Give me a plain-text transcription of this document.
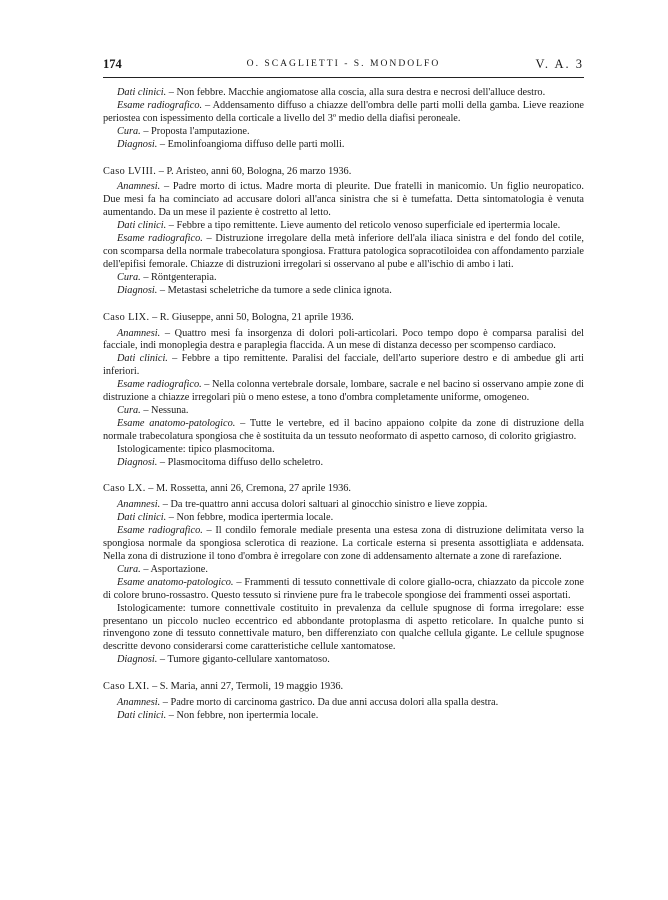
174	O. SCAGLIETTI - S. MONDOLFO	V. A. 3

Dati clinici. – Non febbre. Macchie angiomatose alla coscia, alla sura destra e necrosi dell'alluce destro.

Esame radiografico. – Addensamento diffuso a chiazze dell'ombra delle parti molli della gamba. Lieve reazione periostea con ispessimento della corticale a livello del 3º medio della diafisi peroneale.

Cura. – Proposta l'amputazione.

Diagnosi. – Emolinfoangioma diffuso delle parti molli.

Caso LVIII. – P. Aristeo, anni 60, Bologna, 26 marzo 1936.

Anamnesi. – Padre morto di ictus. Madre morta di pleurite. Due fratelli in manicomio. Un figlio neuropatico. Due mesi fa ha cominciato ad accusare dolori all'anca sinistra che si è tumefatta. Detta sintomatologia è venuta aumentando. Da un mese il paziente è costretto al letto.

Dati clinici. – Febbre a tipo remittente. Lieve aumento del reticolo venoso superficiale ed ipertermia locale.

Esame radiografico. – Distruzione irregolare della metà inferiore dell'ala iliaca sinistra e del fondo del cotile, con scomparsa della normale trabecolatura spongiosa. Frattura patologica sopracotiloidea con affondamento parziale dell'epifisi femorale. Chiazze di distruzioni irregolari si osservano al pube e all'ischio di ambo i lati.

Cura. – Röntgenterapia.

Diagnosi. – Metastasi scheletriche da tumore a sede clinica ignota.

Caso LIX. – R. Giuseppe, anni 50, Bologna, 21 aprile 1936.

Anamnesi. – Quattro mesi fa insorgenza di dolori poli-articolari. Poco tempo dopo è comparsa paralisi del facciale, indi monoplegia destra e paraplegia flaccida. A un mese di distanza decesso per scompenso cardiaco.

Dati clinici. – Febbre a tipo remittente. Paralisi del facciale, dell'arto superiore destro e di ambedue gli arti inferiori.

Esame radiografico. – Nella colonna vertebrale dorsale, lombare, sacrale e nel bacino si osservano ampie zone di distruzione a chiazze irregolari più o meno estese, a tono d'ombra completamente uniforme, omogeneo.

Cura. – Nessuna.

Esame anatomo-patologico. – Tutte le vertebre, ed il bacino appaiono colpite da zone di distruzione della normale trabecolatura spongiosa che è sostituita da un tessuto neoformato di aspetto carnoso, di colorito grigiastro.

Istologicamente: tipico plasmocitoma.

Diagnosi. – Plasmocitoma diffuso dello scheletro.

Caso LX. – M. Rossetta, anni 26, Cremona, 27 aprile 1936.

Anamnesi. – Da tre-quattro anni accusa dolori saltuari al ginocchio sinistro e lieve zoppia.

Dati clinici. – Non febbre, modica ipertermia locale.

Esame radiografico. – Il condilo femorale mediale presenta una estesa zona di distruzione delimitata verso la spongiosa normale da spongiosa sclerotica di reazione. La corticale esterna si presenta assottigliata e addensata. Nella zona di distruzione il tono d'ombra è irregolare con zone di addensamento alternate a zone di rarefazione.

Cura. – Asportazione.

Esame anatomo-patologico. – Frammenti di tessuto connettivale di colore giallo-ocra, chiazzato da piccole zone di colore bruno-rossastro. Questo tessuto si rinviene pure fra le trabecole spongiose dei frammenti ossei asportati.

Istologicamente: tumore connettivale costituito in prevalenza da cellule spugnose di forma irregolare: esse presentano un piccolo nucleo eccentrico ed abbondante protoplasma di aspetto reticolare. In qualche punto si rinvengono zone di tessuto connettivale maturo, ben differenziato con qualche cellula gigante. Le cellule spugnose descritte devono considerarsi come caratteristiche cellule xantomatose.

Diagnosi. – Tumore giganto-cellulare xantomatoso.

Caso LXI. – S. Maria, anni 27, Termoli, 19 maggio 1936.

Anamnesi. – Padre morto di carcinoma gastrico. Da due anni accusa dolori alla spalla destra.

Dati clinici. – Non febbre, non ipertermia locale.
